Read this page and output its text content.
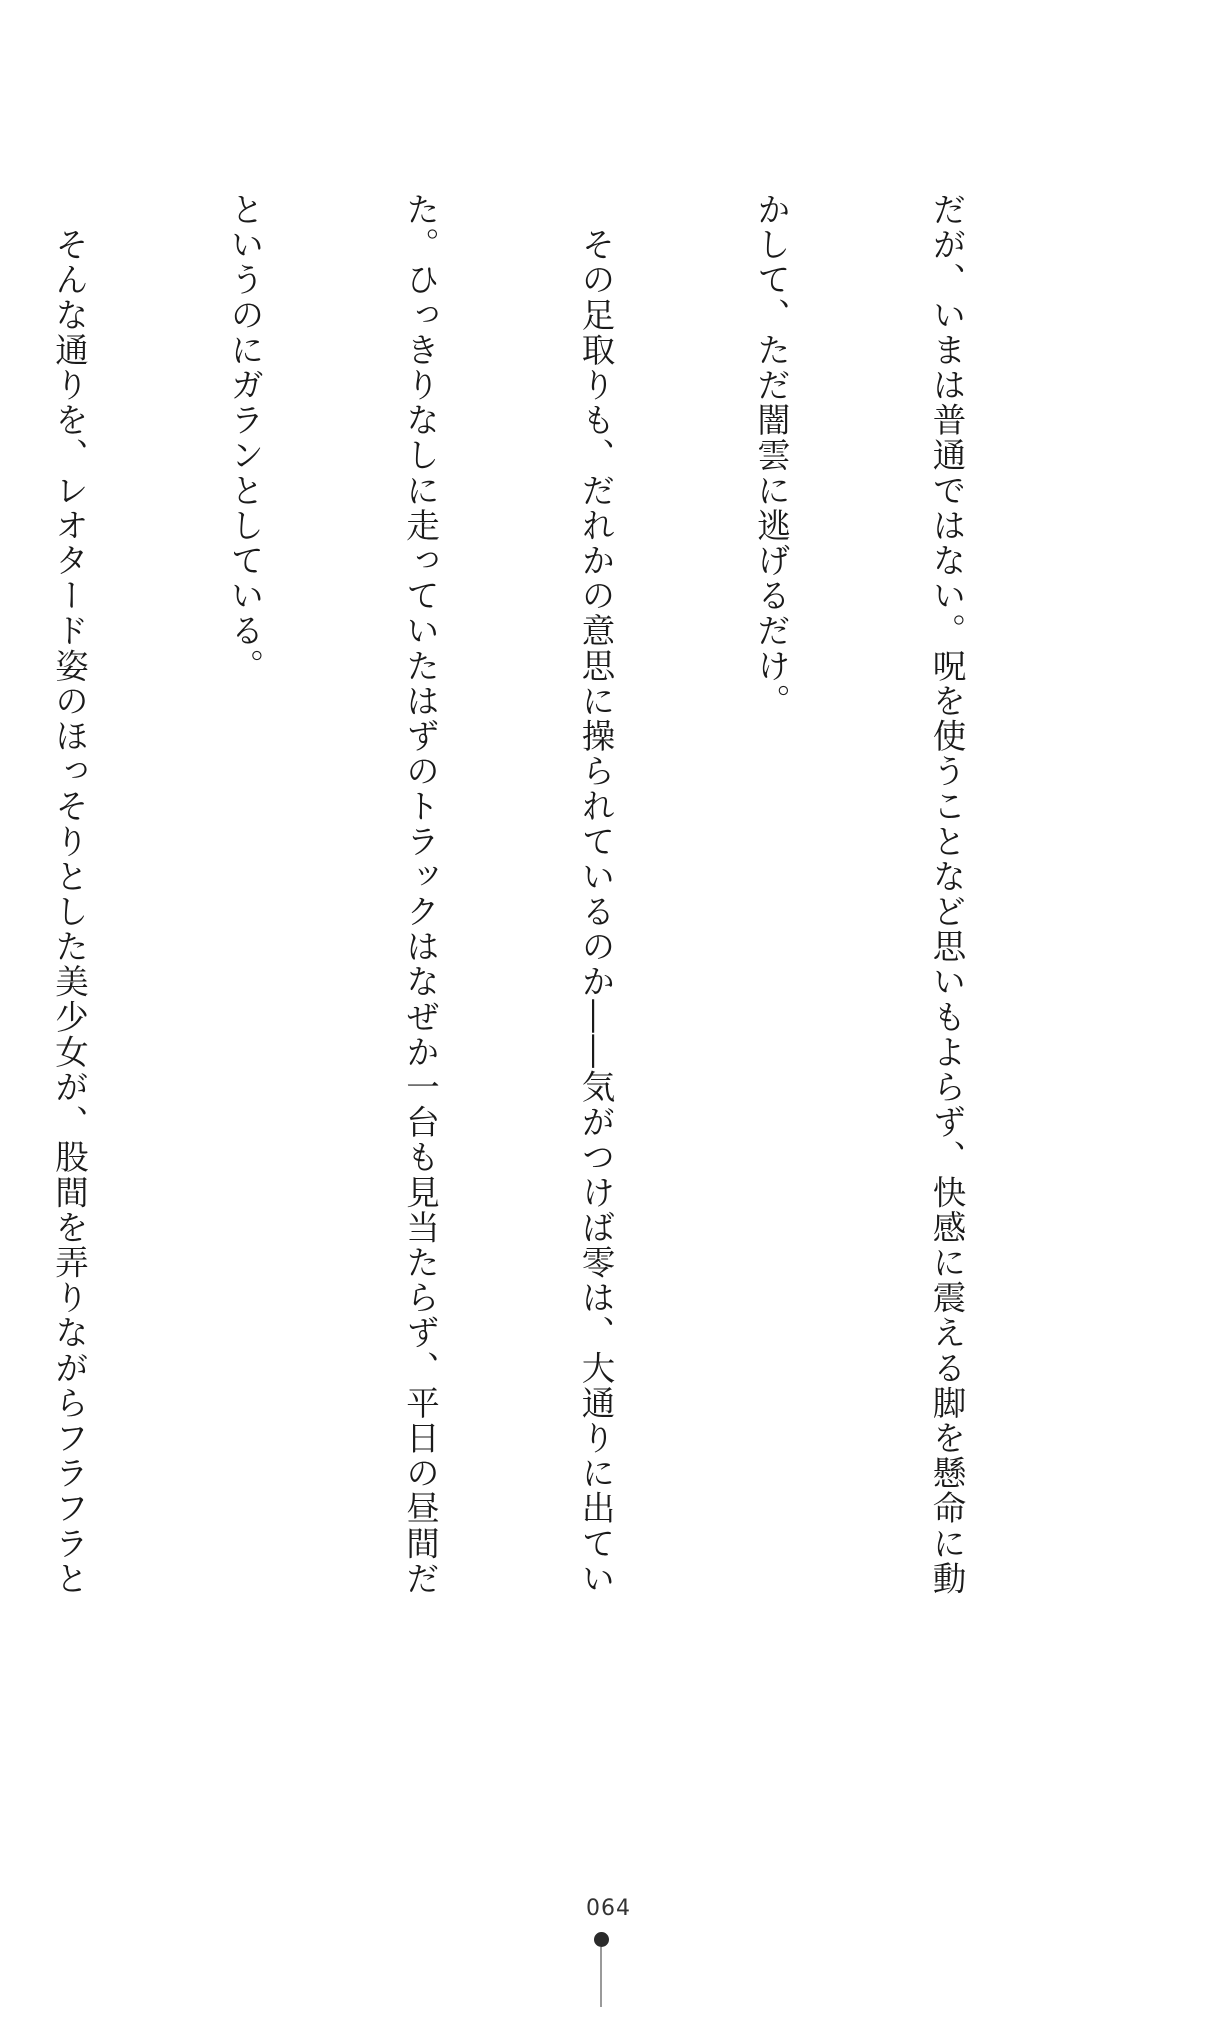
だが、いまは普通ではない。呪を使うことなど思いもよらず、快感に震える脚を懸命に動

かして、ただ闇雲に逃げるだけ。

その足取りも、だれかの意思に操られているのか――気がつけば零は、大通りに出てい

た。ひっきりなしに走っていたはずのトラックはなぜか一台も見当たらず、平日の昼間だ

というのにガランとしている。

そんな通りを、レオタード姿のほっそりとした美少女が、股間を弄りながらフラフラと

064
